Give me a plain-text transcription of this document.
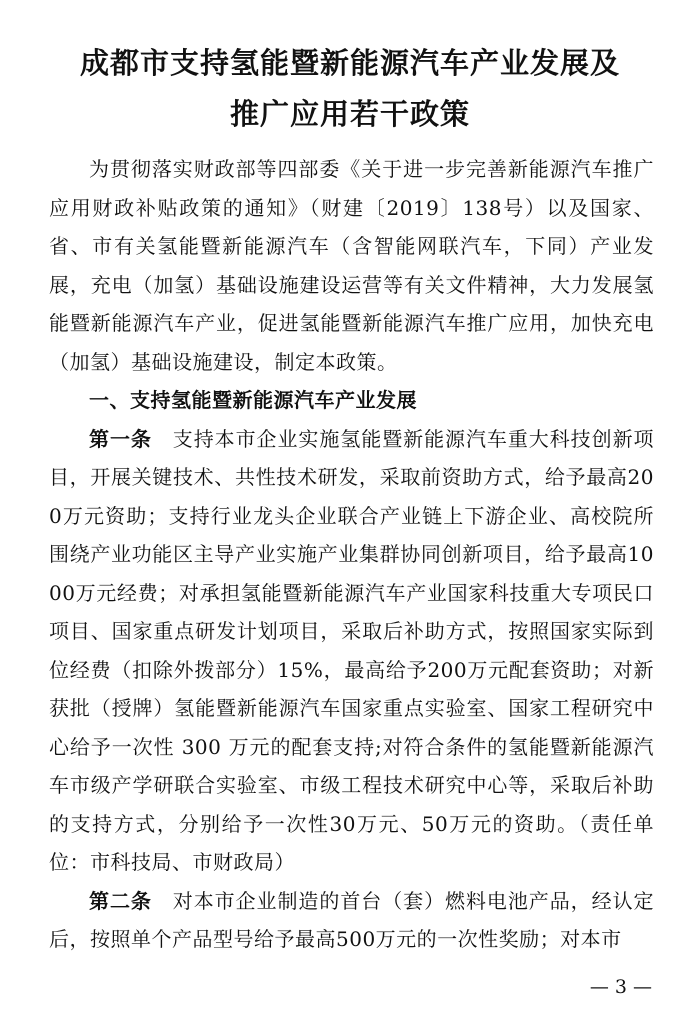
成都市支持氢能暨新能源汽车产业发展及
推广应用若干政策

为贯彻落实财政部等四部委《关于进一步完善新能源汽车推广应用财政补贴政策的通知》（财建〔2019〕138号）以及国家、省、市有关氢能暨新能源汽车（含智能网联汽车，下同）产业发展，充电（加氢）基础设施建设运营等有关文件精神，大力发展氢能暨新能源汽车产业，促进氢能暨新能源汽车推广应用，加快充电（加氢）基础设施建设，制定本政策。

一、支持氢能暨新能源汽车产业发展

第一条　 支持本市企业实施氢能暨新能源汽车重大科技创新项目，开展关键技术、共性技术研发，采取前资助方式，给予最高200万元资助；支持行业龙头企业联合产业链上下游企业、高校院所围绕产业功能区主导产业实施产业集群协同创新项目，给予最高1000万元经费；对承担氢能暨新能源汽车产业国家科技重大专项民口项目、国家重点研发计划项目，采取后补助方式，按照国家实际到位经费（扣除外拨部分）15%，最高给予200万元配套资助；对新获批（授牌）氢能暨新能源汽车国家重点实验室、国家工程研究中心给予一次性 300 万元的配套支持;对符合条件的氢能暨新能源汽车市级产学研联合实验室、市级工程技术研究中心等，采取后补助的支持方式，分别给予一次性30万元、50万元的资助。（责任单位：市科技局、市财政局）

第二条　 对本市企业制造的首台（套）燃料电池产品，经认定后，按照单个产品型号给予最高500万元的一次性奖励；对本市

— 3 —
